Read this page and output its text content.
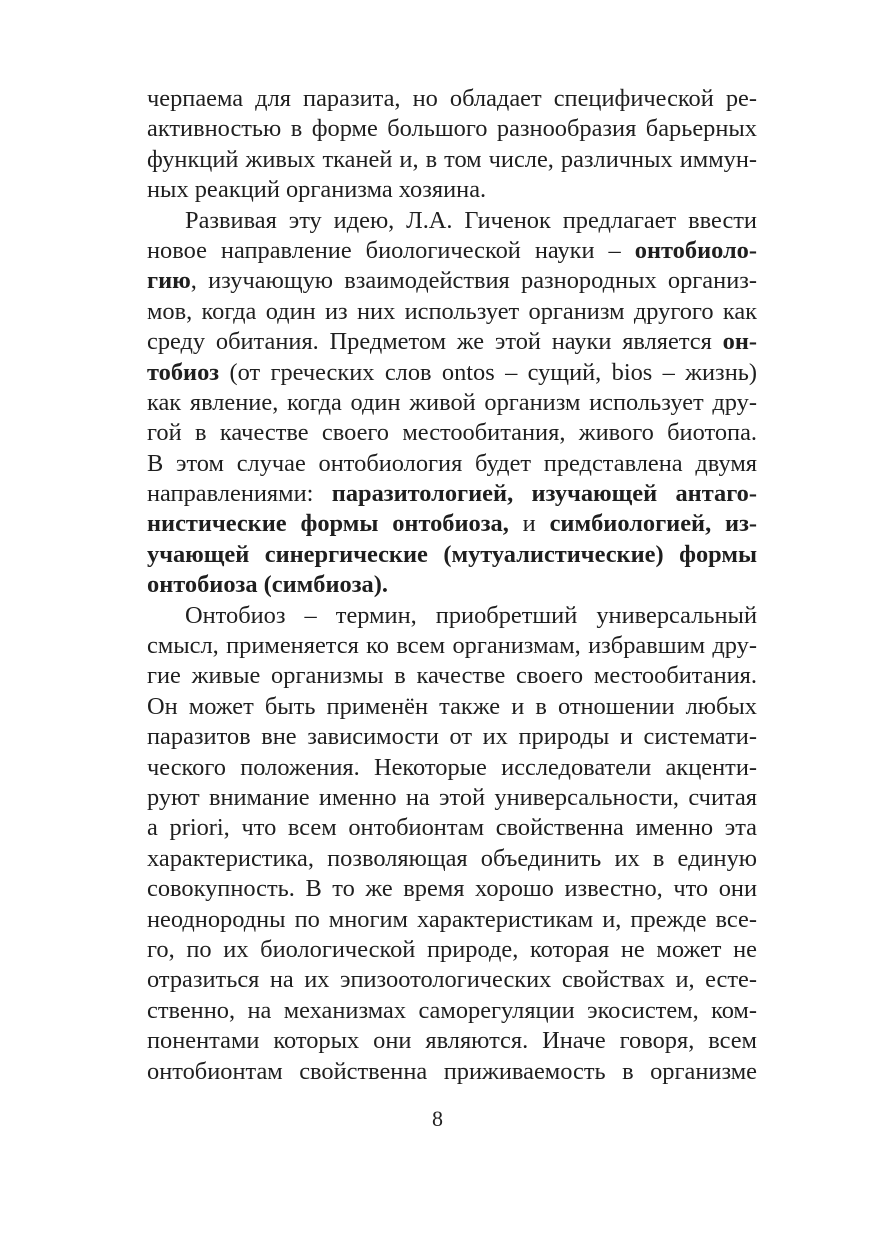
черпаема для паразита, но обладает специфической ре-
активностью в форме большого разнообразия барьерных
функций живых тканей и, в том числе, различных иммун-
ных реакций организма хозяина.
Развивая эту идею, Л.А. Гиченок предлагает ввести
новое направление биологической науки – онтобиоло-
гию, изучающую взаимодействия разнородных организ-
мов, когда один из них использует организм другого как
среду обитания. Предметом же этой науки является он-
тобиоз (от греческих слов ontos – сущий, bios – жизнь)
как явление, когда один живой организм использует дру-
гой в качестве своего местообитания, живого биотопа.
В этом случае онтобиология будет представлена двумя
направлениями: паразитологией, изучающей антаго-
нистические формы онтобиоза, и симбиологией, из-
учающей синергические (мутуалистические) формы
онтобиоза (симбиоза).
Онтобиоз – термин, приобретший универсальный
смысл, применяется ко всем организмам, избравшим дру-
гие живые организмы в качестве своего местообитания.
Он может быть применён также и в отношении любых
паразитов вне зависимости от их природы и системати-
ческого положения. Некоторые исследователи акценти-
руют внимание именно на этой универсальности, считая
a priori, что всем онтобионтам свойственна именно эта
характеристика, позволяющая объединить их в единую
совокупность. В то же время хорошо известно, что они
неоднородны по многим характеристикам и, прежде все-
го, по их биологической природе, которая не может не
отразиться на их эпизоотологических свойствах и, есте-
ственно, на механизмах саморегуляции экосистем, ком-
понентами которых они являются. Иначе говоря, всем
онтобионтам свойственна приживаемость в организме
8
